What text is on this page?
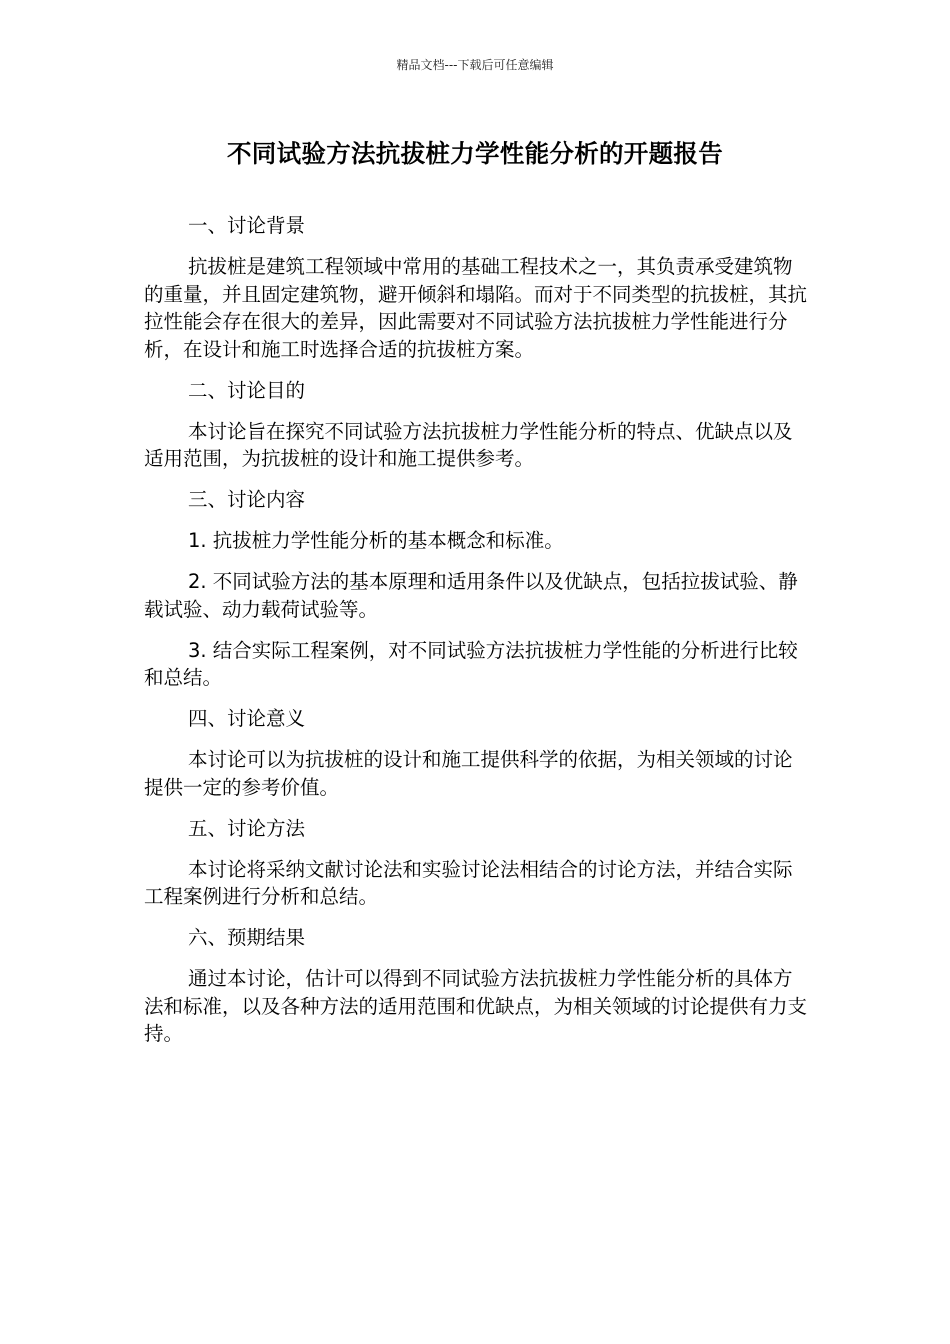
精品文档---下载后可任意编辑
不同试验方法抗拔桩力学性能分析的开题报告

一、讨论背景

抗拔桩是建筑工程领域中常用的基础工程技术之一，其负责承受建筑物的重量，并且固定建筑物，避开倾斜和塌陷。而对于不同类型的抗拔桩，其抗拉性能会存在很大的差异，因此需要对不同试验方法抗拔桩力学性能进行分析，在设计和施工时选择合适的抗拔桩方案。

二、讨论目的

本讨论旨在探究不同试验方法抗拔桩力学性能分析的特点、优缺点以及适用范围，为抗拔桩的设计和施工提供参考。

三、讨论内容

1. 抗拔桩力学性能分析的基本概念和标准。

2. 不同试验方法的基本原理和适用条件以及优缺点，包括拉拔试验、静载试验、动力载荷试验等。

3. 结合实际工程案例，对不同试验方法抗拔桩力学性能的分析进行比较和总结。

四、讨论意义

本讨论可以为抗拔桩的设计和施工提供科学的依据，为相关领域的讨论提供一定的参考价值。

五、讨论方法

本讨论将采纳文献讨论法和实验讨论法相结合的讨论方法，并结合实际工程案例进行分析和总结。

六、预期结果

通过本讨论，估计可以得到不同试验方法抗拔桩力学性能分析的具体方法和标准，以及各种方法的适用范围和优缺点，为相关领域的讨论提供有力支持。
